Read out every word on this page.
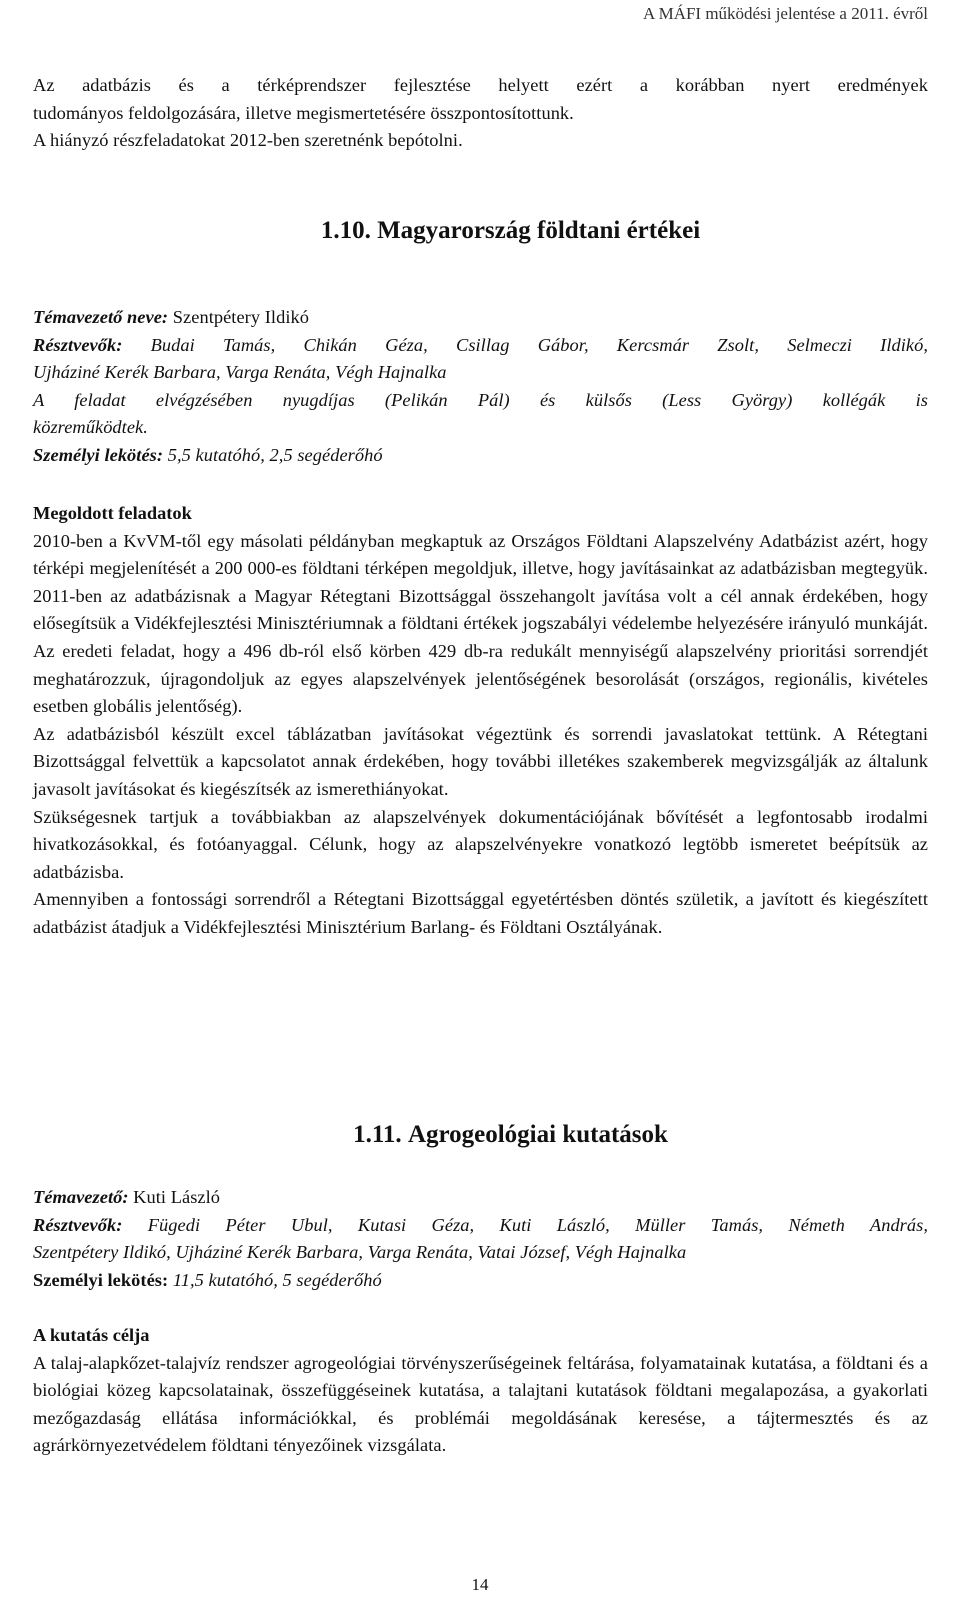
A MÁFI működési jelentése a 2011. évről

Az adatbázis és a térképrendszer fejlesztése helyett ezért a korábban nyert eredmények

tudományos feldolgozására, illetve megismertetésére összpontosítottunk.

A hiányzó részfeladatokat 2012-ben szeretnénk bepótolni.

1.10. Magyarország földtani értékei

Témavezető neve: Szentpétery Ildikó

Résztvevők: Budai Tamás, Chikán Géza, Csillag Gábor, Kercsmár Zsolt, Selmeczi Ildikó,

Ujháziné Kerék Barbara, Varga Renáta, Végh Hajnalka

A feladat elvégzésében nyugdíjas (Pelikán Pál) és külsős (Less György) kollégák is

közreműködtek.

Személyi lekötés: 5,5 kutatóhó, 2,5 segéderőhó

Megoldott feladatok

2010-ben a KvVM-től egy másolati példányban megkaptuk az Országos Földtani Alapszelvény Adatbázist azért, hogy térképi megjelenítését a 200 000-es földtani térképen megoldjuk, illetve, hogy javításainkat az adatbázisban megtegyük. 2011-ben az adatbázisnak a Magyar Rétegtani Bizottsággal összehangolt javítása volt a cél annak érdekében, hogy elősegítsük a Vidékfejlesztési Minisztériumnak a földtani értékek jogszabályi védelembe helyezésére irányuló munkáját. Az eredeti feladat, hogy a 496 db-ról első körben 429 db-ra redukált mennyiségű alapszelvény prioritási sorrendjét meghatározzuk, újragondoljuk az egyes alapszelvények jelentőségének besorolását (országos, regionális, kivételes esetben globális jelentőség).

Az adatbázisból készült excel táblázatban javításokat végeztünk és sorrendi javaslatokat tettünk. A Rétegtani Bizottsággal felvettük a kapcsolatot annak érdekében, hogy további illetékes szakemberek megvizsgálják az általunk javasolt javításokat és kiegészítsék az ismerethiányokat.

Szükségesnek tartjuk a továbbiakban az alapszelvények dokumentációjának bővítését a legfontosabb irodalmi hivatkozásokkal, és fotóanyaggal. Célunk, hogy az alapszelvényekre vonatkozó legtöbb ismeretet beépítsük az adatbázisba.

Amennyiben a fontossági sorrendről a Rétegtani Bizottsággal egyetértésben döntés születik, a javított és kiegészített adatbázist átadjuk a Vidékfejlesztési Minisztérium Barlang- és Földtani Osztályának.

1.11. Agrogeológiai kutatások

Témavezető: Kuti László

Résztvevők: Fügedi Péter Ubul, Kutasi Géza, Kuti László, Müller Tamás, Németh András,

Szentpétery Ildikó, Ujháziné Kerék Barbara, Varga Renáta, Vatai József, Végh Hajnalka

Személyi lekötés: 11,5 kutatóhó, 5 segéderőhó

A kutatás célja

A talaj-alapkőzet-talajvíz rendszer agrogeológiai törvényszerűségeinek feltárása, folyamatainak kutatása, a földtani és a biológiai közeg kapcsolatainak, összefüggéseinek kutatása, a talajtani kutatások földtani megalapozása, a gyakorlati mezőgazdaság ellátása információkkal, és problémái megoldásának keresése, a tájtermesztés és az agrárkörnyezetvédelem földtani tényezőinek vizsgálata.

14
